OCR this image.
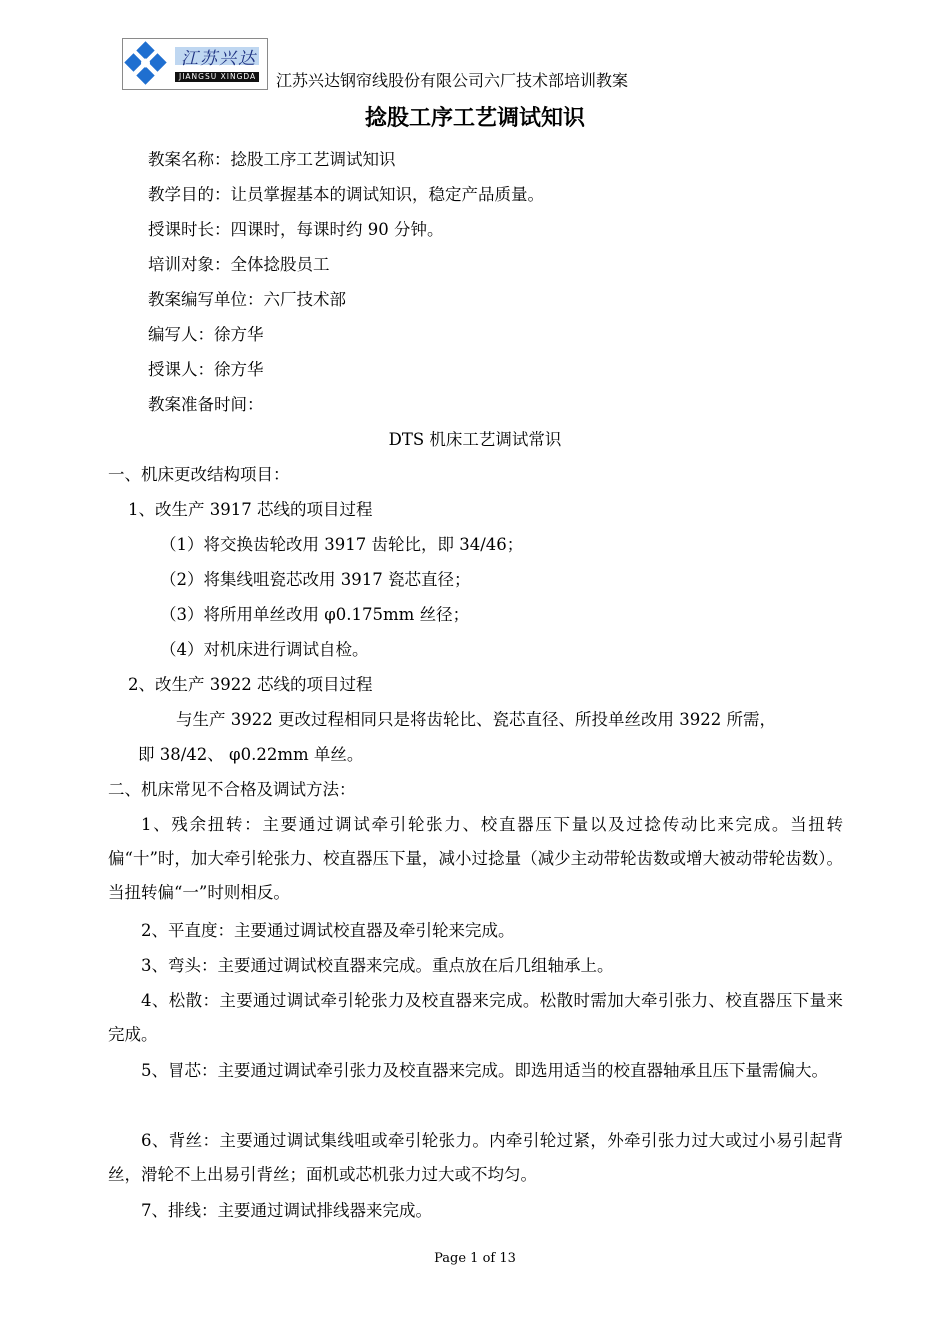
江苏兴达
JIANGSU XINGDA 江苏兴达钢帘线股份有限公司六厂技术部培训教案
捻股工序工艺调试知识
教案名称：捻股工序工艺调试知识
教学目的：让员掌握基本的调试知识，稳定产品质量。
授课时长：四课时，每课时约 90 分钟。
培训对象：全体捻股员工
教案编写单位：六厂技术部
编写人：徐方华
授课人：徐方华
教案准备时间：
DTS 机床工艺调试常识
一、机床更改结构项目：
1、改生产 3917 芯线的项目过程
（1）将交换齿轮改用 3917 齿轮比，即 34/46；
（2）将集线咀瓷芯改用 3917 瓷芯直径；
（3）将所用单丝改用 φ0.175mm 丝径；
（4）对机床进行调试自检。
2、改生产 3922 芯线的项目过程
与生产 3922 更改过程相同只是将齿轮比、瓷芯直径、所投单丝改用 3922 所需，
即 38/42、 φ0.22mm 单丝。
二、机床常见不合格及调试方法：
1、残余扭转：主要通过调试牵引轮张力、校直器压下量以及过捻传动比来完成。当扭转偏“十”时，加大牵引轮张力、校直器压下量，减小过捻量（减少主动带轮齿数或增大被动带轮齿数）。当扭转偏“一”时则相反。
2、平直度：主要通过调试校直器及牵引轮来完成。
3、弯头：主要通过调试校直器来完成。重点放在后几组轴承上。
4、松散：主要通过调试牵引轮张力及校直器来完成。松散时需加大牵引张力、校直器压下量来完成。
5、冒芯：主要通过调试牵引张力及校直器来完成。即选用适当的校直器轴承且压下量需偏大。
6、背丝：主要通过调试集线咀或牵引轮张力。内牵引轮过紧，外牵引张力过大或过小易引起背丝，滑轮不上出易引背丝；面机或芯机张力过大或不均匀。
7、排线：主要通过调试排线器来完成。
Page 1 of 13
